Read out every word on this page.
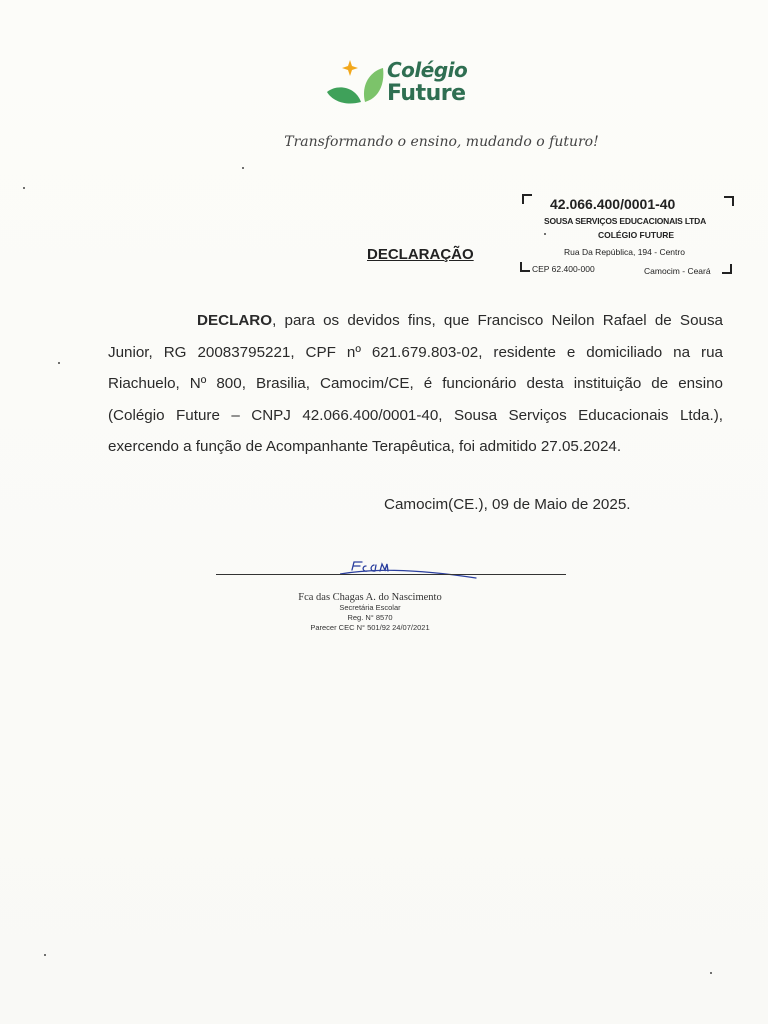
Colégio
Future
Transformando o ensino, mudando o futuro!
42.066.400/0001-40
SOUSA SERVIÇOS EDUCACIONAIS LTDA
COLÉGIO FUTURE
Rua Da República, 194 - Centro
CEP 62.400-000	Camocim - Ceará
DECLARAÇÃO
DECLARO, para os devidos fins, que Francisco Neilon Rafael de Sousa Junior, RG 20083795221, CPF nº 621.679.803-02, residente e domiciliado na rua Riachuelo, Nº 800, Brasilia, Camocim/CE, é funcionário desta instituição de ensino (Colégio Future – CNPJ 42.066.400/0001-40, Sousa Serviços Educacionais Ltda.), exercendo a função de Acompanhante Terapêutica, foi admitido 27.05.2024.
Camocim(CE.), 09 de Maio de 2025.
Fca das Chagas A. do Nascimento
Secretária Escolar
Reg. N° 8570
Parecer CEC N° 501/92 24/07/2021
